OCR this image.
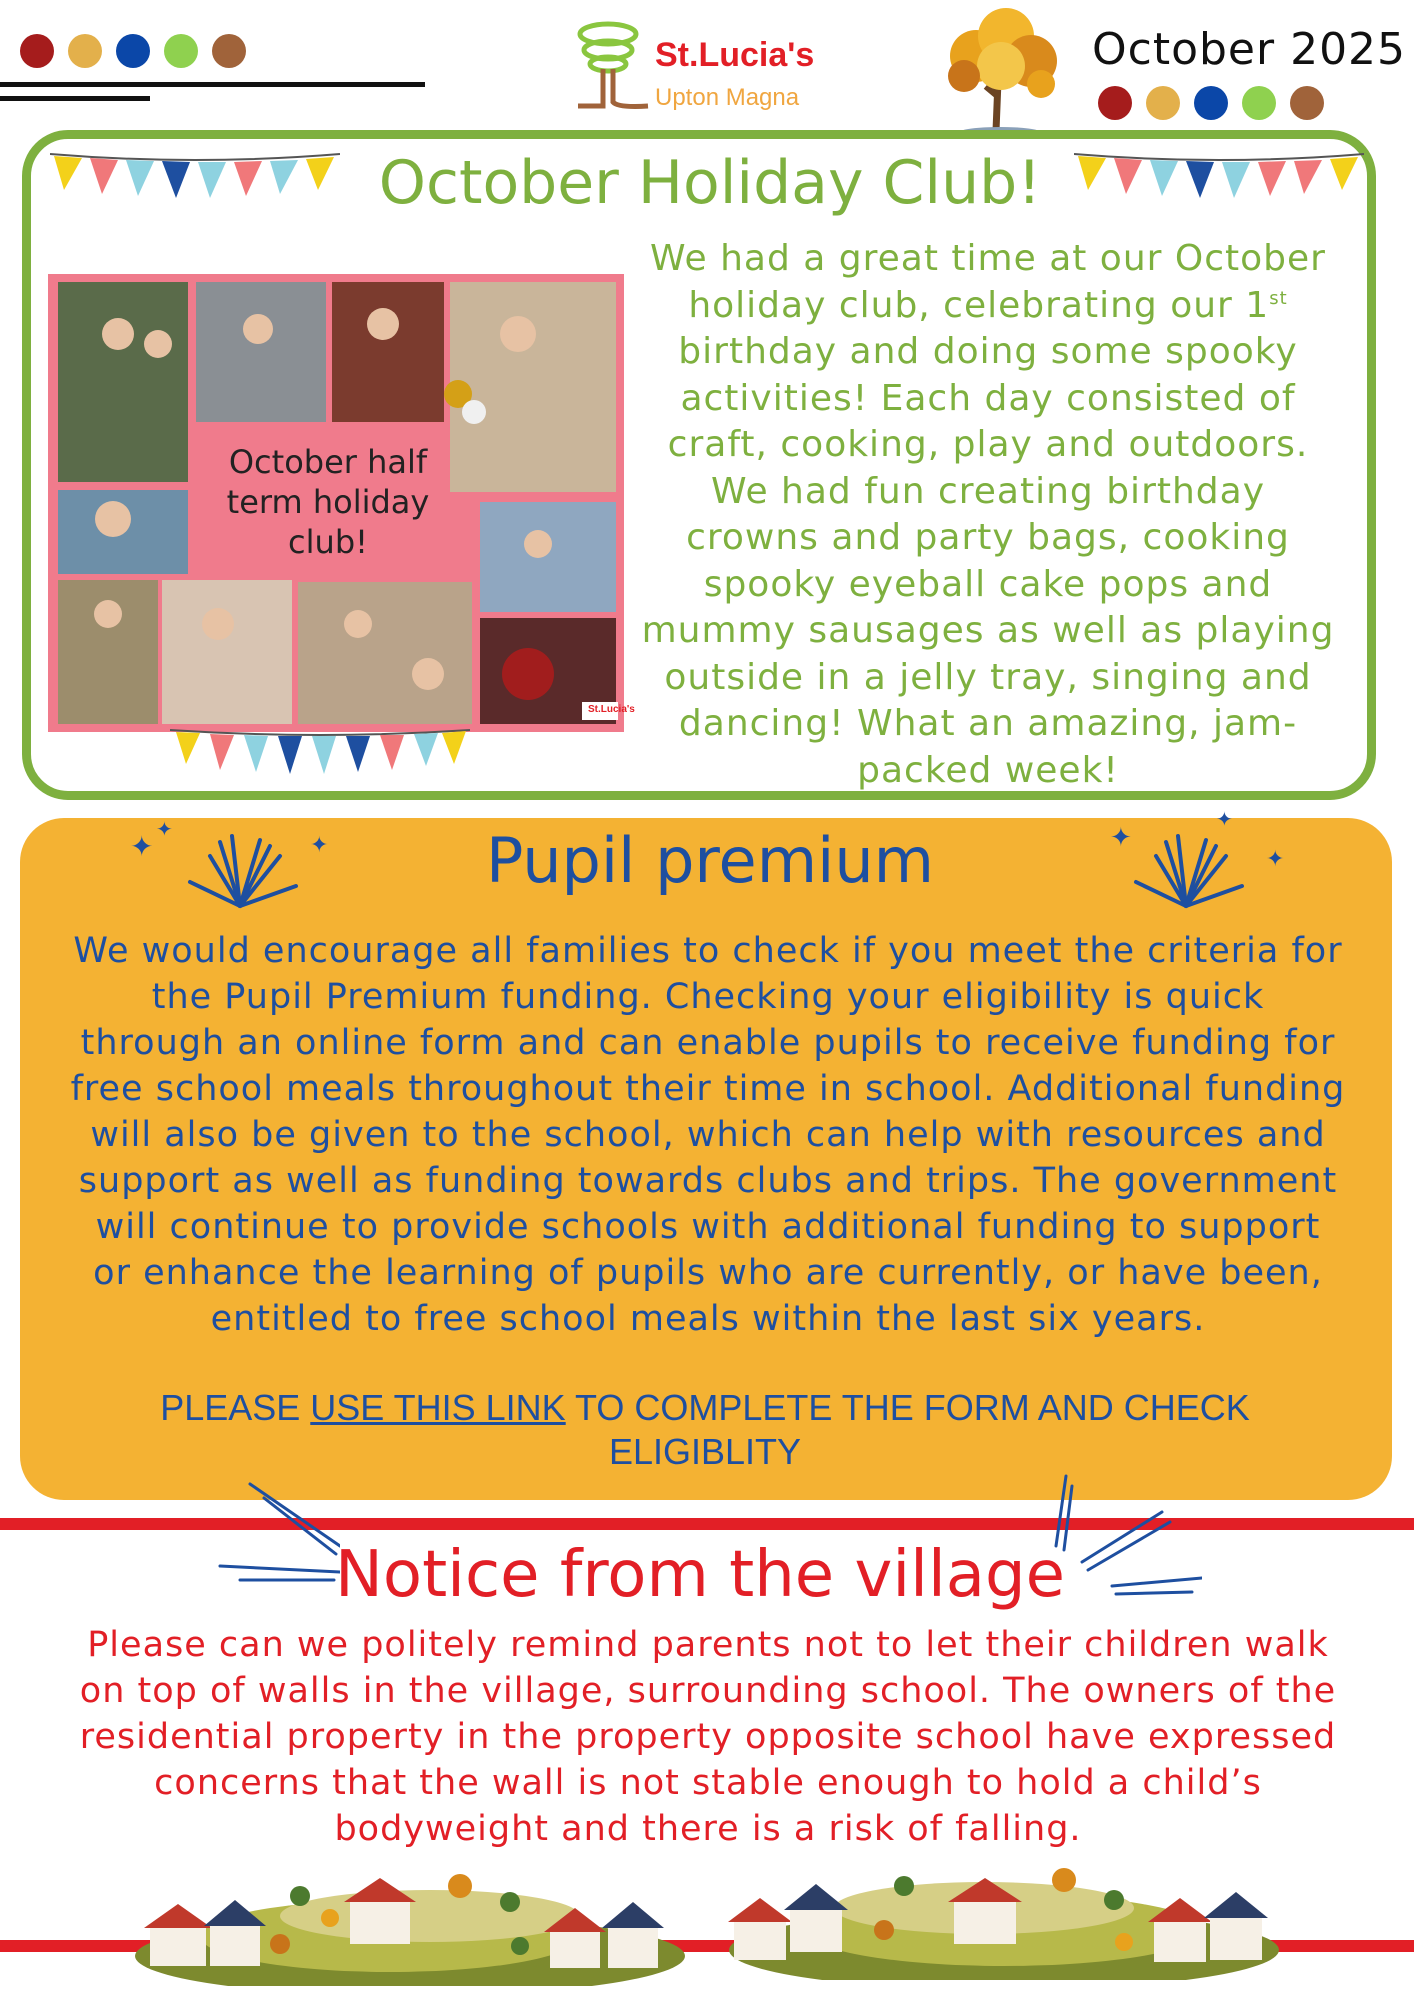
St.Lucia's
Upton Magna
October 2025
October Holiday Club!
October half
term holiday
club!
St.Lucia's
We had a great time at our October
holiday club, celebrating our 1st
birthday and doing some spooky
activities! Each day consisted of
craft, cooking, play and outdoors.
We had fun creating birthday
crowns and party bags, cooking
spooky eyeball cake pops and
mummy sausages as well as playing
outside in a jelly tray, singing and
dancing! What an amazing, jam-
packed week!
✦
✦
✦	✦
✦
✦
Pupil premium
We would encourage all families to check if you meet the criteria for
the Pupil Premium funding. Checking your eligibility is quick
through an online form and can enable pupils to receive funding for
free school meals throughout their time in school. Additional funding
will also be given to the school, which can help with resources and
support as well as funding towards clubs and trips. The government
will continue to provide schools with additional funding to support
or enhance the learning of pupils who are currently, or have been,
entitled to free school meals within the last six years.
PLEASE USE THIS LINK TO COMPLETE THE FORM AND CHECK
ELIGIBLITY
Notice from the village
Please can we politely remind parents not to let their children walk
on top of walls in the village, surrounding school. The owners of the
residential property in the property opposite school have expressed
concerns that the wall is not stable enough to hold a child’s
bodyweight and there is a risk of falling.
